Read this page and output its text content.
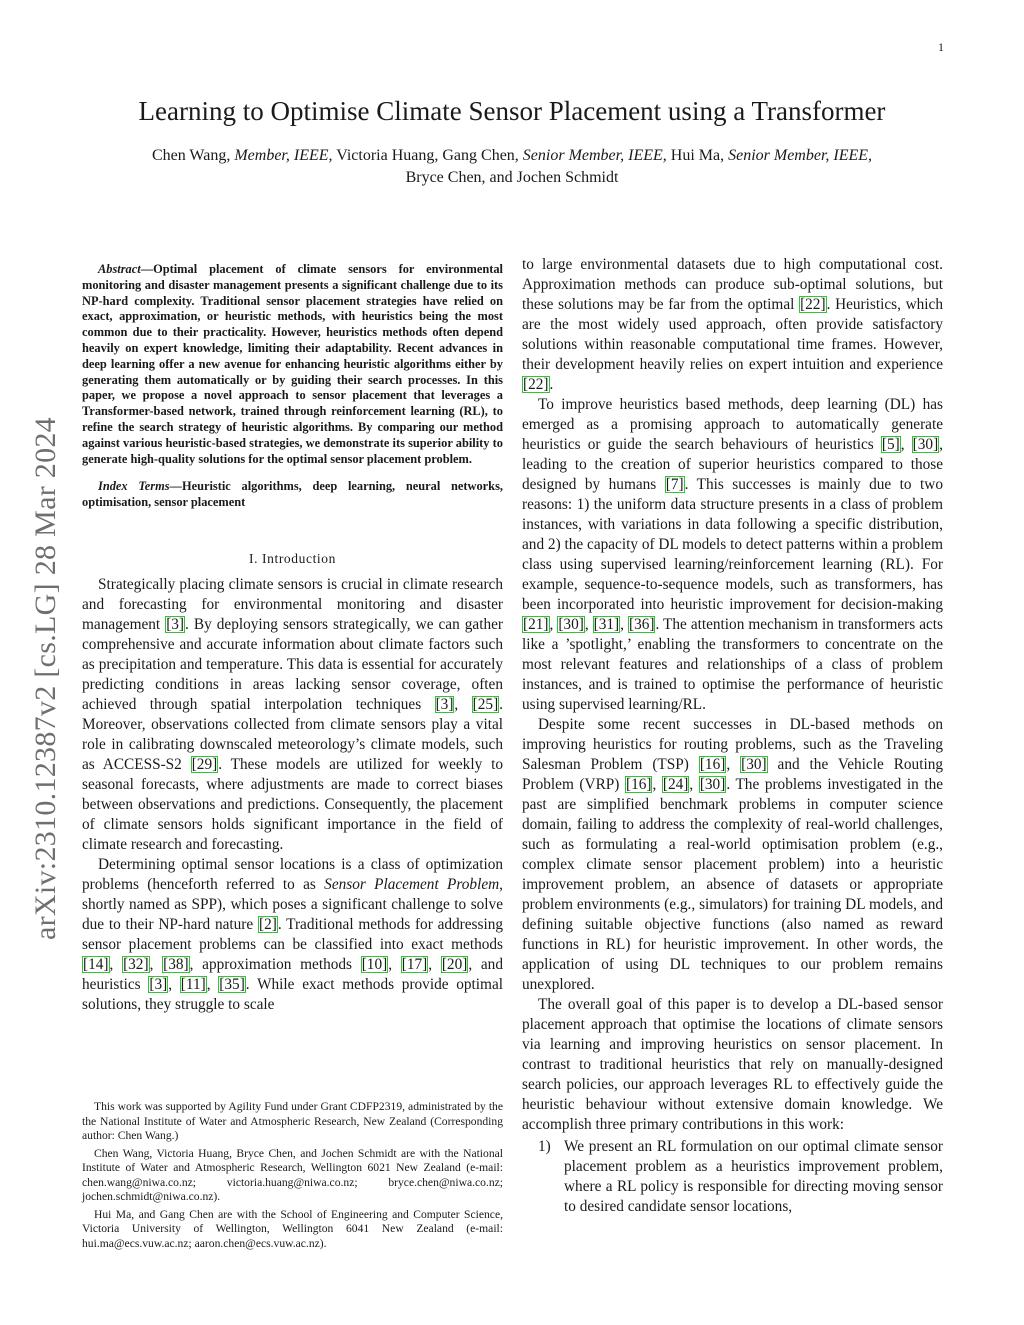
1
arXiv:2310.12387v2 [cs.LG] 28 Mar 2024
Learning to Optimise Climate Sensor Placement using a Transformer
Chen Wang, Member, IEEE, Victoria Huang, Gang Chen, Senior Member, IEEE, Hui Ma, Senior Member, IEEE,
Bryce Chen, and Jochen Schmidt

Abstract—Optimal placement of climate sensors for environmental monitoring and disaster management presents a significant challenge due to its NP-hard complexity. Traditional sensor placement strategies have relied on exact, approximation, or heuristic methods, with heuristics being the most common due to their practicality. However, heuristics methods often depend heavily on expert knowledge, limiting their adaptability. Recent advances in deep learning offer a new avenue for enhancing heuristic algorithms either by generating them automatically or by guiding their search processes. In this paper, we propose a novel approach to sensor placement that leverages a Transformer-based network, trained through reinforcement learning (RL), to refine the search strategy of heuristic algorithms. By comparing our method against various heuristic-based strategies, we demonstrate its superior ability to generate high-quality solutions for the optimal sensor placement problem.

Index Terms—Heuristic algorithms, deep learning, neural networks, optimisation, sensor placement

I. Introduction

Strategically placing climate sensors is crucial in climate research and forecasting for environmental monitoring and disaster management [3]. By deploying sensors strategically, we can gather comprehensive and accurate information about climate factors such as precipitation and temperature. This data is essential for accurately predicting conditions in areas lacking sensor coverage, often achieved through spatial interpolation techniques [3], [25]. Moreover, observations collected from climate sensors play a vital role in calibrating downscaled meteorology’s climate models, such as ACCESS-S2 [29]. These models are utilized for weekly to seasonal forecasts, where adjustments are made to correct biases between observations and predictions. Consequently, the placement of climate sensors holds significant importance in the field of climate research and forecasting.

Determining optimal sensor locations is a class of optimization problems (henceforth referred to as Sensor Placement Problem, shortly named as SPP), which poses a significant challenge to solve due to their NP-hard nature [2]. Traditional methods for addressing sensor placement problems can be classified into exact methods [14], [32], [38], approximation methods [10], [17], [20], and heuristics [3], [11], [35]. While exact methods provide optimal solutions, they struggle to scale

This work was supported by Agility Fund under Grant CDFP2319, administrated by the the National Institute of Water and Atmospheric Research, New Zealand (Corresponding author: Chen Wang.)

Chen Wang, Victoria Huang, Bryce Chen, and Jochen Schmidt are with the National Institute of Water and Atmospheric Research, Wellington 6021 New Zealand (e-mail: chen.wang@niwa.co.nz; victoria.huang@niwa.co.nz; bryce.chen@niwa.co.nz; jochen.schmidt@niwa.co.nz).

Hui Ma, and Gang Chen are with the School of Engineering and Computer Science, Victoria University of Wellington, Wellington 6041 New Zealand (e-mail: hui.ma@ecs.vuw.ac.nz; aaron.chen@ecs.vuw.ac.nz).

to large environmental datasets due to high computational cost. Approximation methods can produce sub-optimal solutions, but these solutions may be far from the optimal [22]. Heuristics, which are the most widely used approach, often provide satisfactory solutions within reasonable computational time frames. However, their development heavily relies on expert intuition and experience [22].

To improve heuristics based methods, deep learning (DL) has emerged as a promising approach to automatically generate heuristics or guide the search behaviours of heuristics [5], [30], leading to the creation of superior heuristics compared to those designed by humans [7]. This successes is mainly due to two reasons: 1) the uniform data structure presents in a class of problem instances, with variations in data following a specific distribution, and 2) the capacity of DL models to detect patterns within a problem class using supervised learning/reinforcement learning (RL). For example, sequence-to-sequence models, such as transformers, has been incorporated into heuristic improvement for decision-making [21], [30], [31], [36]. The attention mechanism in transformers acts like a ’spotlight,’ enabling the transformers to concentrate on the most relevant features and relationships of a class of problem instances, and is trained to optimise the performance of heuristic using supervised learning/RL.

Despite some recent successes in DL-based methods on improving heuristics for routing problems, such as the Traveling Salesman Problem (TSP) [16], [30] and the Vehicle Routing Problem (VRP) [16], [24], [30]. The problems investigated in the past are simplified benchmark problems in computer science domain, failing to address the complexity of real-world challenges, such as formulating a real-world optimisation problem (e.g., complex climate sensor placement problem) into a heuristic improvement problem, an absence of datasets or appropriate problem environments (e.g., simulators) for training DL models, and defining suitable objective functions (also named as reward functions in RL) for heuristic improvement. In other words, the application of using DL techniques to our problem remains unexplored.

The overall goal of this paper is to develop a DL-based sensor placement approach that optimise the locations of climate sensors via learning and improving heuristics on sensor placement. In contrast to traditional heuristics that rely on manually-designed search policies, our approach leverages RL to effectively guide the heuristic behaviour without extensive domain knowledge. We accomplish three primary contributions in this work:

1) We present an RL formulation on our optimal climate sensor placement problem as a heuristics improvement problem, where a RL policy is responsible for directing moving sensor to desired candidate sensor locations,
